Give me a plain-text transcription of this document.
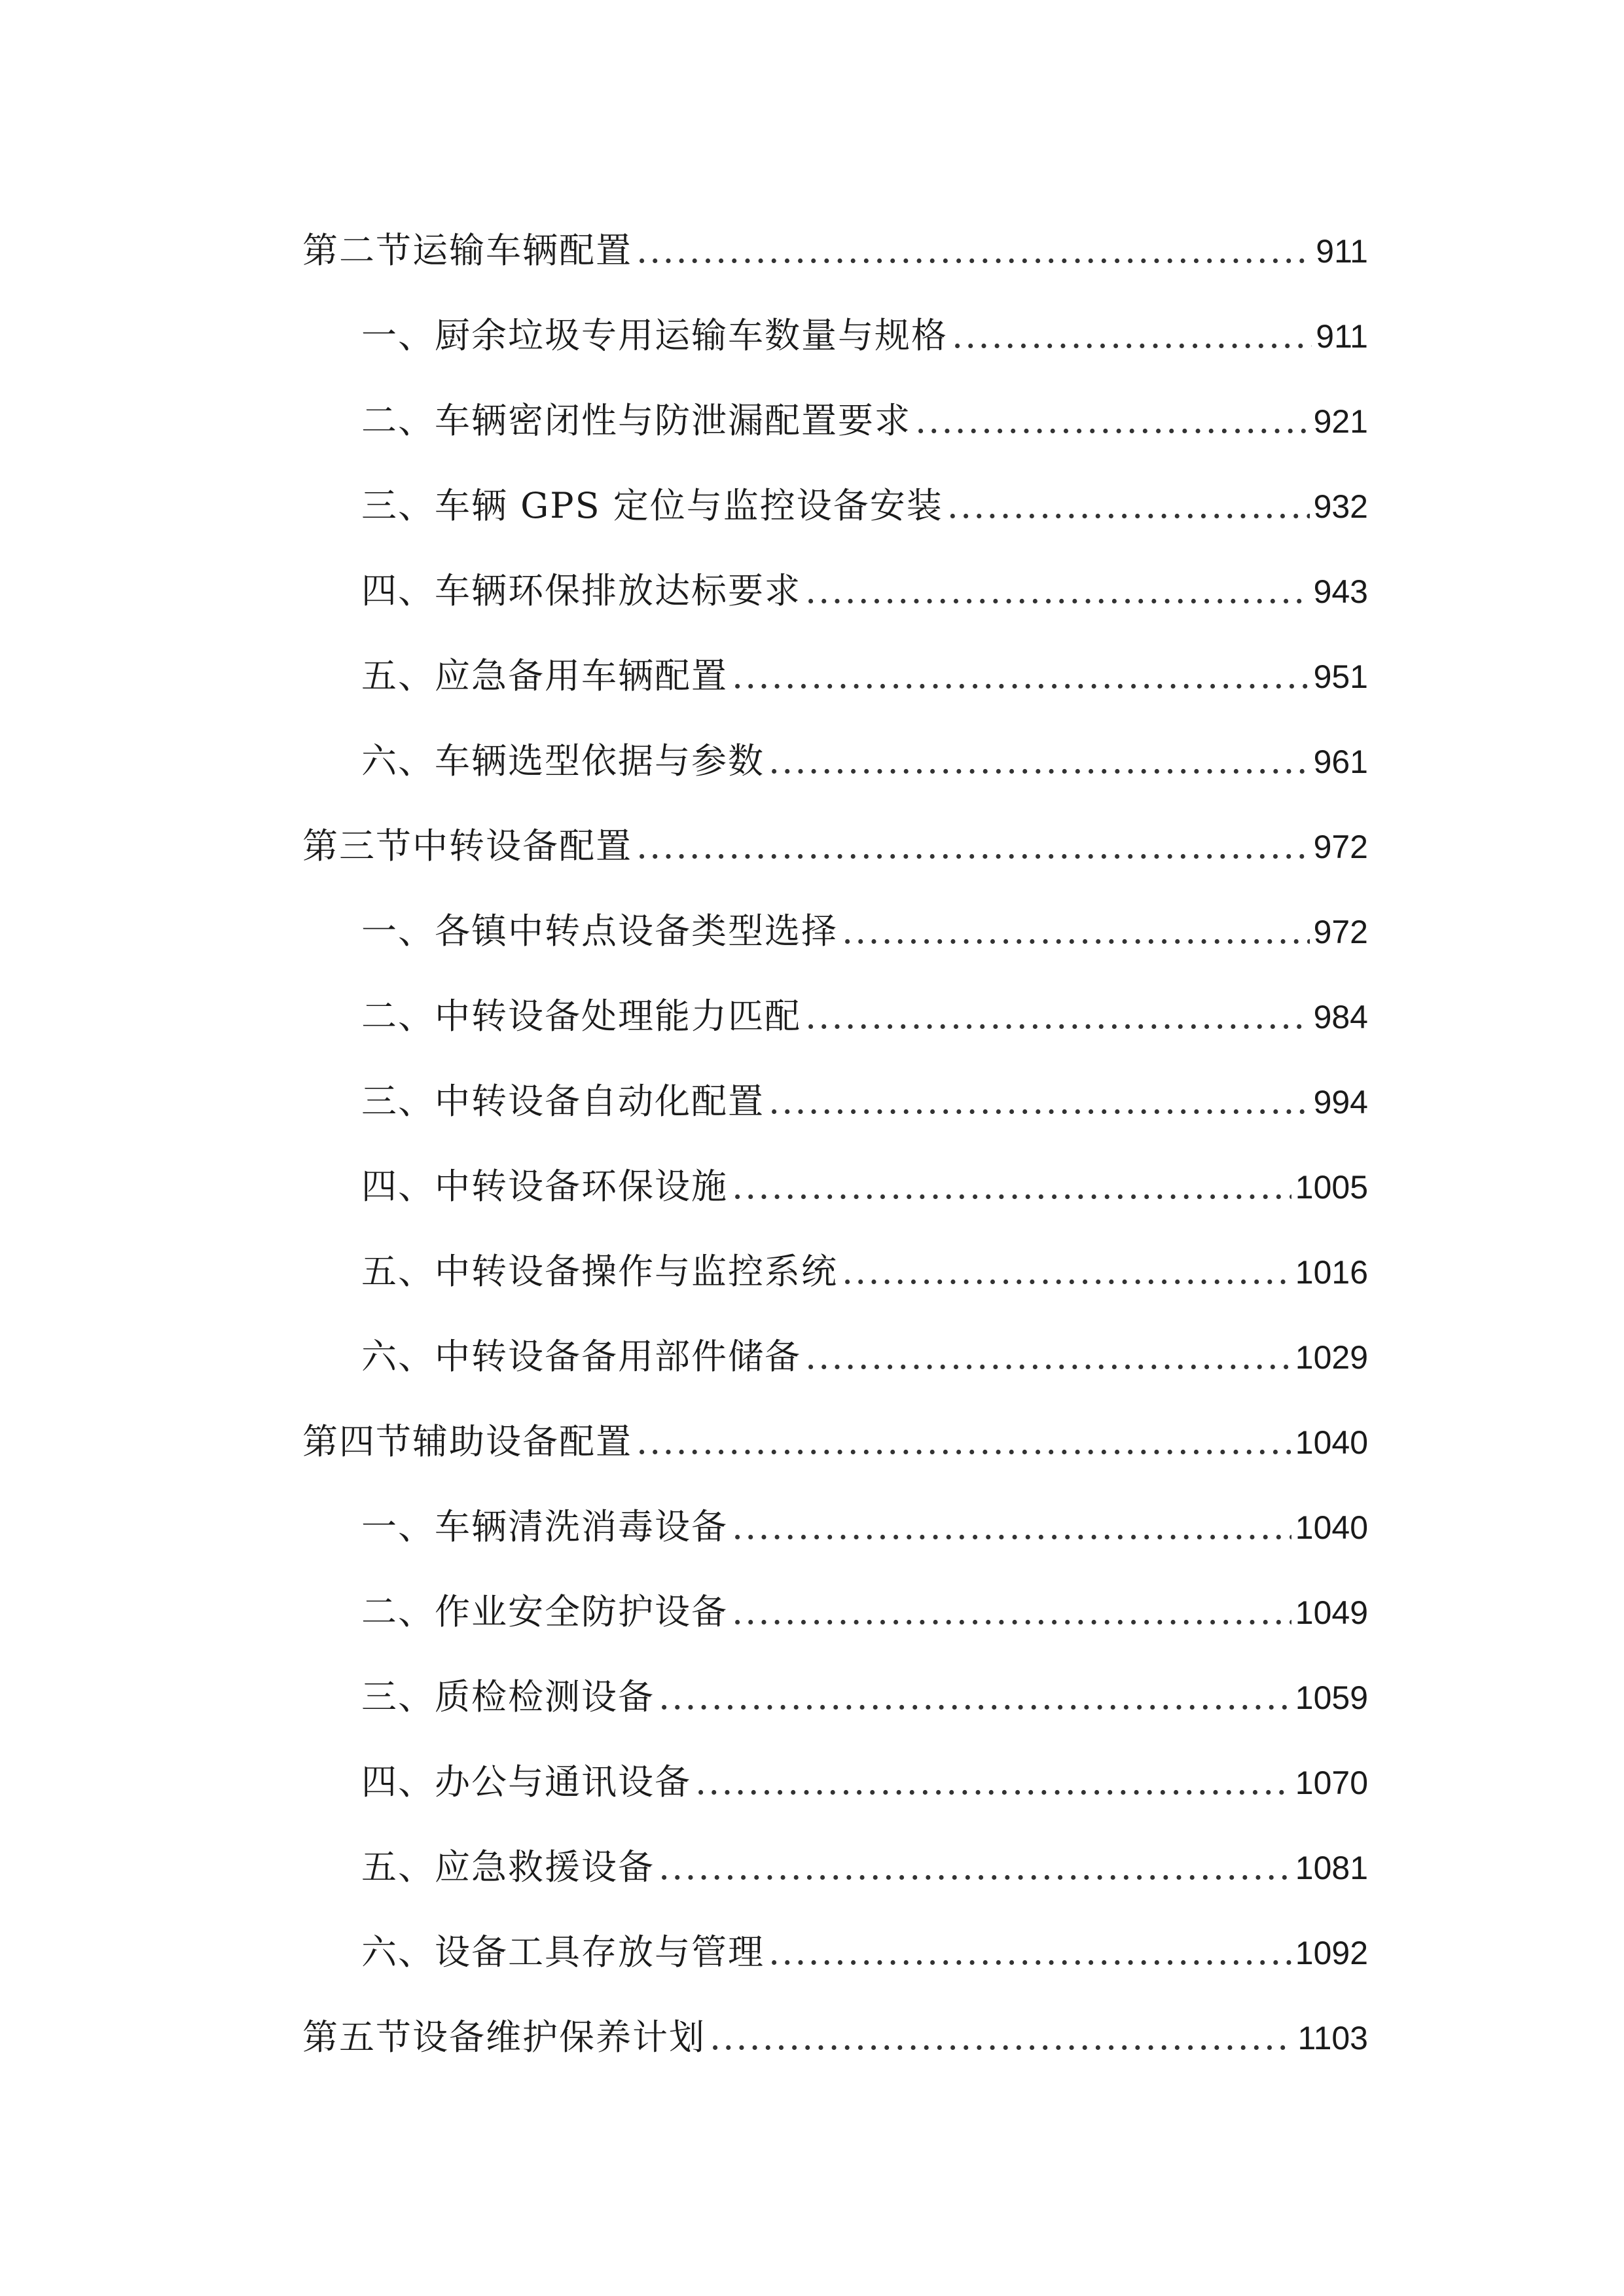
第二节运输车辆配置 .....	911
一、厨余垃圾专用运输车数量与规格 .....	911
二、车辆密闭性与防泄漏配置要求 .....	921
三、车辆 GPS 定位与监控设备安装 .....	932
四、车辆环保排放达标要求 .....	943
五、应急备用车辆配置 .....	951
六、车辆选型依据与参数 .....	961
第三节中转设备配置 .....	972
一、各镇中转点设备类型选择 .....	972
二、中转设备处理能力匹配 .....	984
三、中转设备自动化配置 .....	994
四、中转设备环保设施 .....	1005
五、中转设备操作与监控系统 .....	1016
六、中转设备备用部件储备 .....	1029
第四节辅助设备配置 .....	1040
一、车辆清洗消毒设备 .....	1040
二、作业安全防护设备 .....	1049
三、质检检测设备 .....	1059
四、办公与通讯设备 .....	1070
五、应急救援设备 .....	1081
六、设备工具存放与管理 .....	1092
第五节设备维护保养计划 .....	1103
